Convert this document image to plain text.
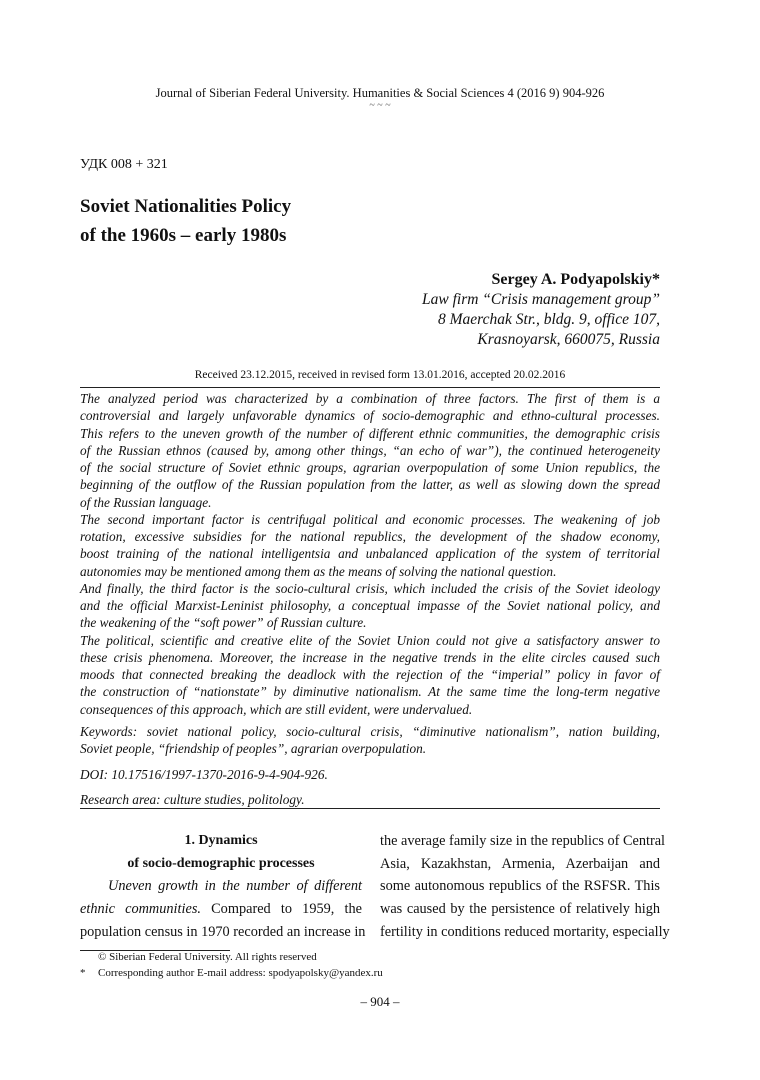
Journal of Siberian Federal University. Humanities & Social Sciences 4 (2016 9) 904-926
~ ~ ~
УДК 008 + 321
Soviet Nationalities Policy
of the 1960s – early 1980s
Sergey A. Podyapolskiy*
Law firm “Crisis management group”
8 Maerchak Str., bldg. 9, office 107,
Krasnoyarsk, 660075, Russia
Received 23.12.2015, received in revised form 13.01.2016, accepted 20.02.2016
The analyzed period was characterized by a combination of three factors. The first of them is a
controversial and largely unfavorable dynamics of socio-demographic and ethno-cultural processes.
This refers to the uneven growth of the number of different ethnic communities, the demographic crisis
of the Russian ethnos (caused by, among other things, “an echo of war”), the continued heterogeneity
of the social structure of Soviet ethnic groups, agrarian overpopulation of some Union republics, the
beginning of the outflow of the Russian population from the latter, as well as slowing down the spread
of the Russian language.
The second important factor is centrifugal political and economic processes. The weakening of job
rotation, excessive subsidies for the national republics, the development of the shadow economy,
boost training of the national intelligentsia and unbalanced application of the system of territorial
autonomies may be mentioned among them as the means of solving the national question.
And finally, the third factor is the socio-cultural crisis, which included the crisis of the Soviet ideology
and the official Marxist-Leninist philosophy, a conceptual impasse of the Soviet national policy, and
the weakening of the “soft power” of Russian culture.
The political, scientific and creative elite of the Soviet Union could not give a satisfactory answer to
these crisis phenomena. Moreover, the increase in the negative trends in the elite circles caused such
moods that connected breaking the deadlock with the rejection of the “imperial” policy in favor of
the construction of “nationstate” by diminutive nationalism. At the same time the long-term negative
consequences of this approach, which are still evident, were undervalued.
Keywords: soviet national policy, socio-cultural crisis, “diminutive nationalism”, nation building,
Soviet people, “friendship of peoples”, agrarian overpopulation.
DOI: 10.17516/1997-1370-2016-9-4-904-926.
Research area: culture studies, politology.
1. Dynamics
of socio-demographic processes
Uneven growth in the number of different
ethnic communities. Compared to 1959, the
population census in 1970 recorded an increase in
the average family size in the republics of Central
Asia, Kazakhstan, Armenia, Azerbaijan and
some autonomous republics of the RSFSR. This
was caused by the persistence of relatively high
fertility in conditions reduced mortarity, especially
© Siberian Federal University. All rights reserved
* Corresponding author E-mail address: spodyapolsky@yandex.ru
– 904 –
